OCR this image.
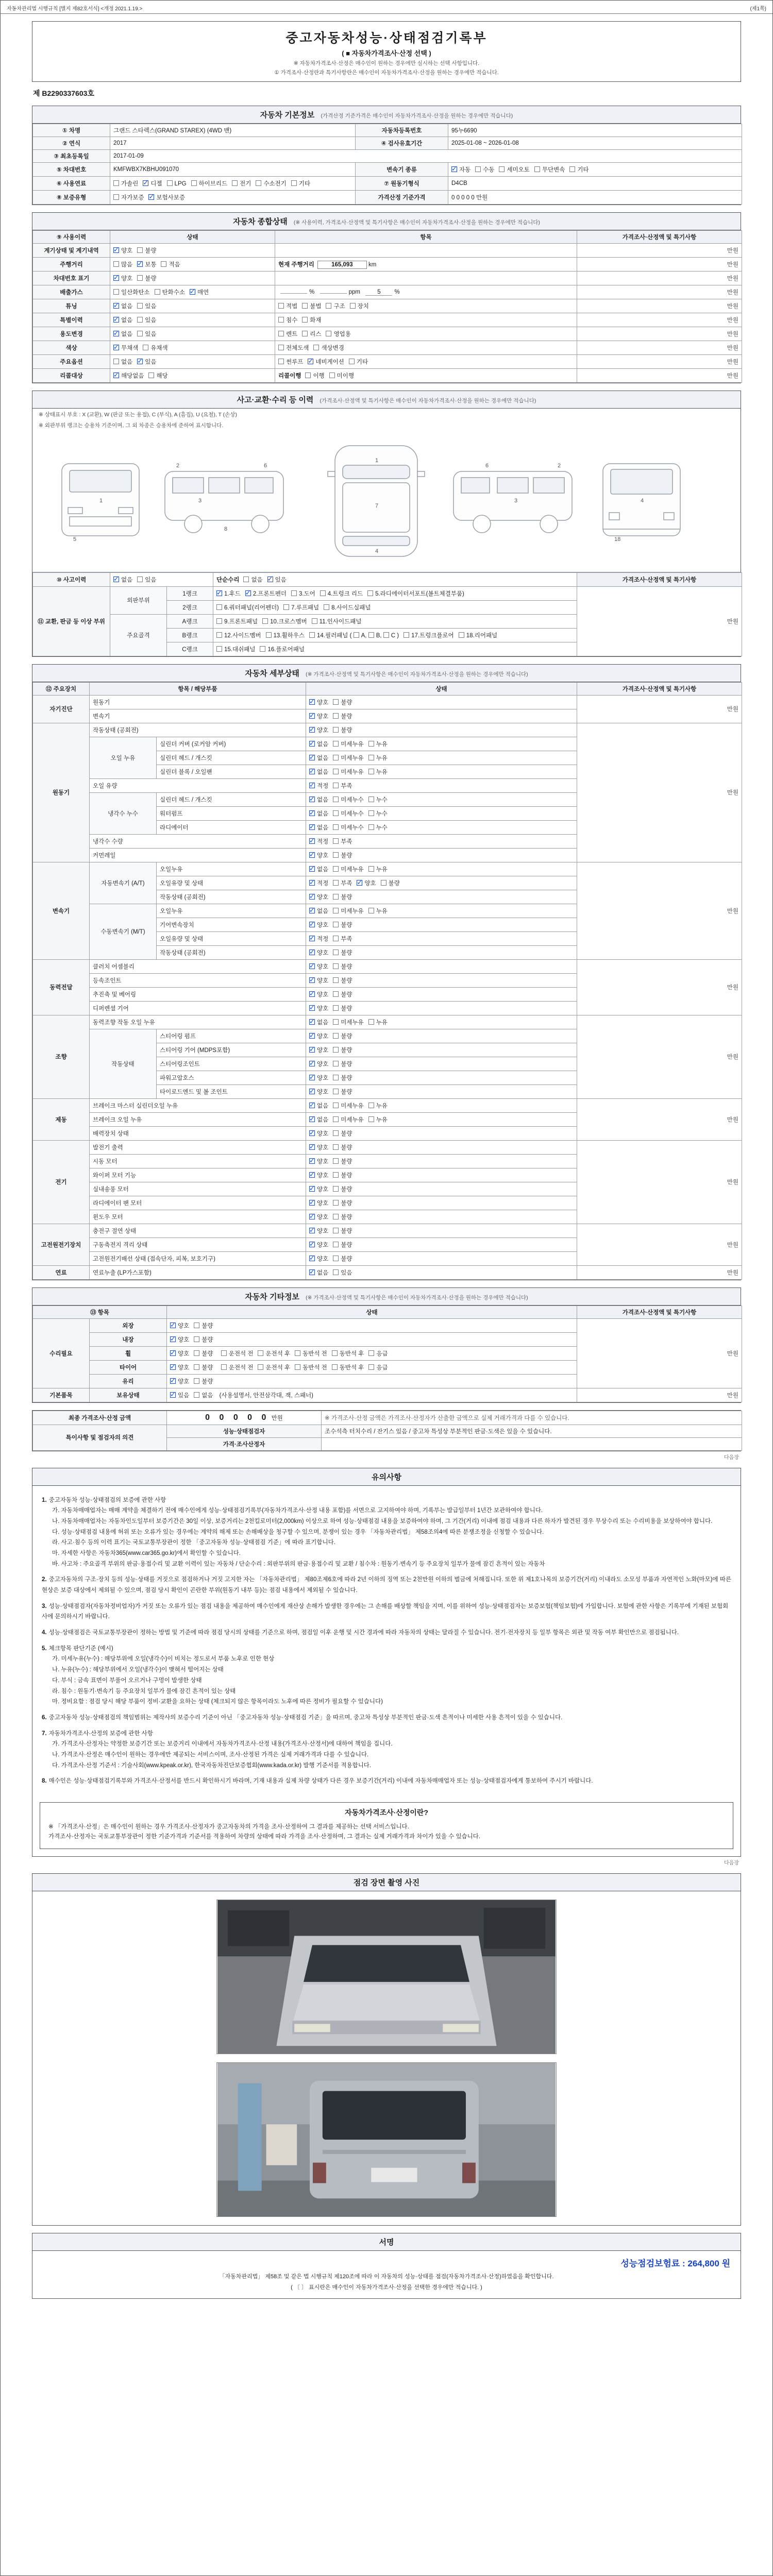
자동차관리법 시행규칙 [별지 제82호서식] <개정 2021.1.19.>	(제1쪽)
중고자동차성능·상태점검기록부
( ■ 자동차가격조사·산정 선택 )
※ 자동차가격조사·산정은 매수인이 원하는 경우에만 실시하는 선택 사항입니다.
① 가격조사·산정란과 특기사항란은 매수인이 자동차가격조사·산정을 원하는 경우에만 적습니다.
제 B2290337603호
자동차 기본정보 (가격산정 기준가격은 매수인이 자동차가격조사·산정을 원하는 경우에만 적습니다)
① 차명	그랜드 스타렉스(GRAND STAREX) (4WD 밴)	자동차등록번호	95누6690
② 연식	2017	④ 검사유효기간	2025-01-08 ~ 2026-01-08
③ 최초등록일	2017-01-09		
⑤ 차대번호	KMFWBX7KBHU091070	변속기 종류	✓자동 수동 세미오토 무단변속 기타
⑥ 사용연료	가솔린 ✓ 디젤 LPG 하이브리드 전기 수소전기 기타	⑦ 원동기형식	D4CB
⑧ 보증유형	자가보증 ✓ 보험사보증	가격산정 기준가격	0 0 0 0 0 만원
자동차 종합상태 (※ 사용이력, 가격조사·산정액 및 특기사항은 매수인이 자동차가격조사·산정을 원하는 경우에만 적습니다)
⑨ 사용이력	상태	항목	가격조사·산정액 및 특기사항
계기상태 및 계기내역	✓양호 불량		만원
주행거리	많음 ✓ 보통 적음	현재 주행거리 165,093 km	만원
차대번호 표기	✓양호 불량		만원
배출가스	일산화탄소 탄화수소 ✓ 매연	% ppm  5 %	만원
튜닝	✓없음 있음	적법 불법 구조 장치	만원
특별이력	✓없음 있음	침수 화재	만원
용도변경	✓없음 있음	렌트 리스 영업용	만원
색상	✓무채색 유채색	전체도색 색상변경	만원
주요옵션	없음 ✓ 있음	썬루프 ✓ 네비게이션 기타	만원
리콜대상	✓해당없음 해당	리콜이행 이행 미이행	만원
사고·교환·수리 등 이력 (가격조사·산정액 및 특기사항은 매수인이 자동차가격조사·산정을 원하는 경우에만 적습니다)
※ 상태표시 부호 : X (교환), W (판금 또는 용접), C (부식), A (흠집), U (요철), T (손상)
※ 외판부위 랭크는 승용차 기준이며, 그 외 차종은 승용차에 준하여 표시합니다.
1
5
2
3
6
8
1
7
4
6	2
3	4
18
⑩ 사고이력	✓없음 있음		단순수리 없음 ✓ 있음	가격조사·산정액 및 특기사항
⑪ 교환, 판금 등 이상 부위	외판부위	1랭크	✓1.후드 ✓ 2.프론트펜더 3.도어 4.트렁크 리드 5.라디에이터서포트(볼트체결부품)	만원
		2랭크	6.쿼터패널(리어펜더) 7.루프패널 8.사이드실패널	
	주요골격	A랭크	9.프론트패널 10.크로스멤버 11.인사이드패널	
		B랭크	12.사이드멤버 13.휠하우스 14.필러패널 ( A, B, C ) 17.트렁크플로어 18.리어패널	
		C랭크	15.대쉬패널 16.플로어패널	
자동차 세부상태 (※ 가격조사·산정액 및 특기사항은 매수인이 자동차가격조사·산정을 원하는 경우에만 적습니다)
⑫ 주요장치	항목 / 해당부품		상태	가격조사·산정액 및 특기사항
자기진단	원동기	✓양호 불량	만원
	변속기	✓양호 불량
원동기	작동상태 (공회전)	✓양호 불량	만원
	오일 누유	실린더 커버 (로커암 커버)	✓없음 미세누유 누유
		실린더 헤드 / 개스킷	✓없음 미세누유 누유
		실린더 블록 / 오일팬	✓없음 미세누유 누유
	오일 유량	✓적정 부족
	냉각수 누수	실린더 헤드 / 개스킷	✓없음 미세누수 누수
		워터펌프	✓없음 미세누수 누수
		라디에이터	✓없음 미세누수 누수
	냉각수 수량	✓적정 부족
	커먼레일	✓양호 불량
변속기	자동변속기 (A/T)	오일누유	✓없음 미세누유 누유	만원
		오일유량 및 상태	✓적정 부족 ✓ 양호 불량
		작동상태 (공회전)	✓양호 불량
	수동변속기 (M/T)	오일누유	✓없음 미세누유 누유
		기어변속장치	✓양호 불량
		오일유량 및 상태	✓적정 부족
		작동상태 (공회전)	✓양호 불량
동력전달	클러치 어셈블리	✓양호 불량	만원
	등속조인트	✓양호 불량
	추진축 및 베어링	✓양호 불량
	디퍼렌셜 기어	✓양호 불량
조향	동력조향 작동 오일 누유	✓없음 미세누유 누유	만원
	작동상태	스티어링 펌프	✓양호 불량
		스티어링 기어 (MDPS포함)	✓양호 불량
		스티어링조인트	✓양호 불량
		파워고압호스	✓양호 불량
		타이로드엔드 및 볼 조인트	✓양호 불량
제동	브레이크 마스터 실린더오일 누유	✓없음 미세누유 누유	만원
	브레이크 오일 누유	✓없음 미세누유 누유
	배력장치 상태	✓양호 불량
전기	발전기 출력	✓양호 불량	만원
	시동 모터	✓양호 불량
	와이퍼 모터 기능	✓양호 불량
	실내송풍 모터	✓양호 불량
	라디에이터 팬 모터	✓양호 불량
	윈도우 모터	✓양호 불량
고전원전기장치	충전구 절연 상태	✓양호 불량	만원
	구동축전지 격리 상태	✓양호 불량
	고전원전기배선 상태 (접속단자, 피복, 보호기구)	✓양호 불량
연료	연료누출 (LP가스포함)	✓없음 있음	만원
자동차 기타정보 (※ 가격조사·산정액 및 특기사항은 매수인이 자동차가격조사·산정을 원하는 경우에만 적습니다)
⑬ 항목		상태	가격조사·산정액 및 특기사항
수리필요	외장	✓양호 불량	만원
	내장	✓양호 불량
	휠	✓양호 불량 운전석 전 운전석 후 동반석 전 동반석 후 응급
	타이어	✓양호 불량 운전석 전 운전석 후 동반석 전 동반석 후 응급
	유리	✓양호 불량
기본품목	보유상태	✓있음 없음 (사용설명서, 안전삼각대, 잭, 스패너)	만원
최종 가격조사·산정 금액	0 0 0 0 0 만원	※ 가격조사·산정 금액은 가격조사·산정자가 산출한 금액으로 실제 거래가격과 다를 수 있습니다.
특이사항 및 점검자의 의견	성능·상태점검자	조수석측 터치수리 / 잔기스 있음 / 중고차 특성상 부분적인 판금·도색은 있을 수 있습니다.
	가격·조사산정자	
다음장
유의사항
1. 중고자동차 성능·상태점검의 보증에 관한 사항
가. 자동차매매업자는 매매 계약을 체결하기 전에 매수인에게 성능·상태점검기록부(자동차가격조사·산정 내용 포함)를 서면으로 고지하여야 하며, 기록부는 발급일부터 1년간 보관하여야 합니다.
나. 자동차매매업자는 자동차인도일부터 보증기간은 30일 이상, 보증거리는 2천킬로미터(2,000km) 이상으로 하여 성능·상태점검 내용을 보증하여야 하며, 그 기간(거리) 이내에 점검 내용과 다른 하자가 발견된 경우 무상수리 또는 수리비용을 보상하여야 합니다.
다. 성능·상태점검 내용에 허위 또는 오류가 있는 경우에는 계약의 해제 또는 손해배상을 청구할 수 있으며, 분쟁이 있는 경우 「자동차관리법」 제58조의4에 따른 분쟁조정을 신청할 수 있습니다.
라. 사고·침수 등의 이력 표기는 국토교통부장관이 정한 「중고자동차 성능·상태점검 기준」에 따라 표기합니다.
마. 자세한 사항은 자동차365(www.car365.go.kr)에서 확인할 수 있습니다.
바. 사고차 : 주요골격 부위의 판금·용접수리 및 교환 이력이 있는 자동차 / 단순수리 : 외판부위의 판금·용접수리 및 교환 / 침수차 : 원동기·변속기 등 주요장치 일부가 물에 잠긴 흔적이 있는 자동차
2. 중고자동차의 구조·장치 등의 성능·상태를 거짓으로 점검하거나 거짓 고지한 자는 「자동차관리법」 제80조제6호에 따라 2년 이하의 징역 또는 2천만원 이하의 벌금에 처해집니다. 또한 위 제1호나목의 보증기간(거리) 이내라도 소모성 부품과 자연적인 노화(마모)에 따른 현상은 보증 대상에서 제외될 수 있으며, 점검 당시 확인이 곤란한 부위(원동기 내부 등)는 점검 내용에서 제외될 수 있습니다.
3. 성능·상태점검자(자동차정비업자)가 거짓 또는 오류가 있는 점검 내용을 제공하여 매수인에게 재산상 손해가 발생한 경우에는 그 손해를 배상할 책임을 지며, 이를 위하여 성능·상태점검자는 보증보험(책임보험)에 가입합니다. 보험에 관한 사항은 기록부에 기재된 보험회사에 문의하시기 바랍니다.
4. 성능·상태점검은 국토교통부장관이 정하는 방법 및 기준에 따라 점검 당시의 상태를 기준으로 하며, 점검일 이후 운행 및 시간 경과에 따라 자동차의 상태는 달라질 수 있습니다. 전기·전자장치 등 일부 항목은 외관 및 작동 여부 확인만으로 점검됩니다.
5. 체크항목 판단기준 (예시)
가. 미세누유(누수) : 해당부위에 오일(냉각수)이 비치는 정도로서 부품 노후로 인한 현상
나. 누유(누수) : 해당부위에서 오일(냉각수)이 맺혀서 떨어지는 상태
다. 부식 : 금속 표면이 부풀어 오르거나 구멍이 발생한 상태
라. 침수 : 원동기·변속기 등 주요장치 일부가 물에 잠긴 흔적이 있는 상태
마. 정비요함 : 점검 당시 해당 부품이 정비·교환을 요하는 상태 (체크되지 않은 항목이라도 노후에 따른 정비가 필요할 수 있습니다)
6. 중고자동차 성능·상태점검의 책임범위는 제작사의 보증수리 기준이 아닌 「중고자동차 성능·상태점검 기준」을 따르며, 중고차 특성상 부분적인 판금·도색 흔적이나 미세한 사용 흔적이 있을 수 있습니다.
7. 자동차가격조사·산정의 보증에 관한 사항
가. 가격조사·산정자는 약정한 보증기간 또는 보증거리 이내에서 자동차가격조사·산정 내용(가격조사·산정서)에 대하여 책임을 집니다.
나. 가격조사·산정은 매수인이 원하는 경우에만 제공되는 서비스이며, 조사·산정된 가격은 실제 거래가격과 다를 수 있습니다.
다. 가격조사·산정 기준서 : 기술사회(www.kpeak.or.kr), 한국자동차진단보증협회(www.kada.or.kr) 발행 기준서를 적용합니다.
8. 매수인은 성능·상태점검기록부와 가격조사·산정서를 반드시 확인하시기 바라며, 기재 내용과 실제 차량 상태가 다른 경우 보증기간(거리) 이내에 자동차매매업자 또는 성능·상태점검자에게 통보하여 주시기 바랍니다.
자동차가격조사·산정이란?
※ 「가격조사·산정」은 매수인이 원하는 경우 가격조사·산정자가 중고자동차의 가격을 조사·산정하여 그 결과를 제공하는 선택 서비스입니다.
가격조사·산정자는 국토교통부장관이 정한 기준가격과 기준서를 적용하여 차량의 상태에 따라 가격을 조사·산정하며, 그 결과는 실제 거래가격과 차이가 있을 수 있습니다.
다음장
점검 장면 촬영 사진
서명
성능점검보험료 : 264,800 원
「자동차관리법」 제58조 및 같은 법 시행규칙 제120조에 따라 이 자동차의 성능·상태를 점검(자동차가격조사·산정)하였음을 확인합니다.
( 〔 〕 표시란은 매수인이 자동차가격조사·산정을 선택한 경우에만 적습니다. )
